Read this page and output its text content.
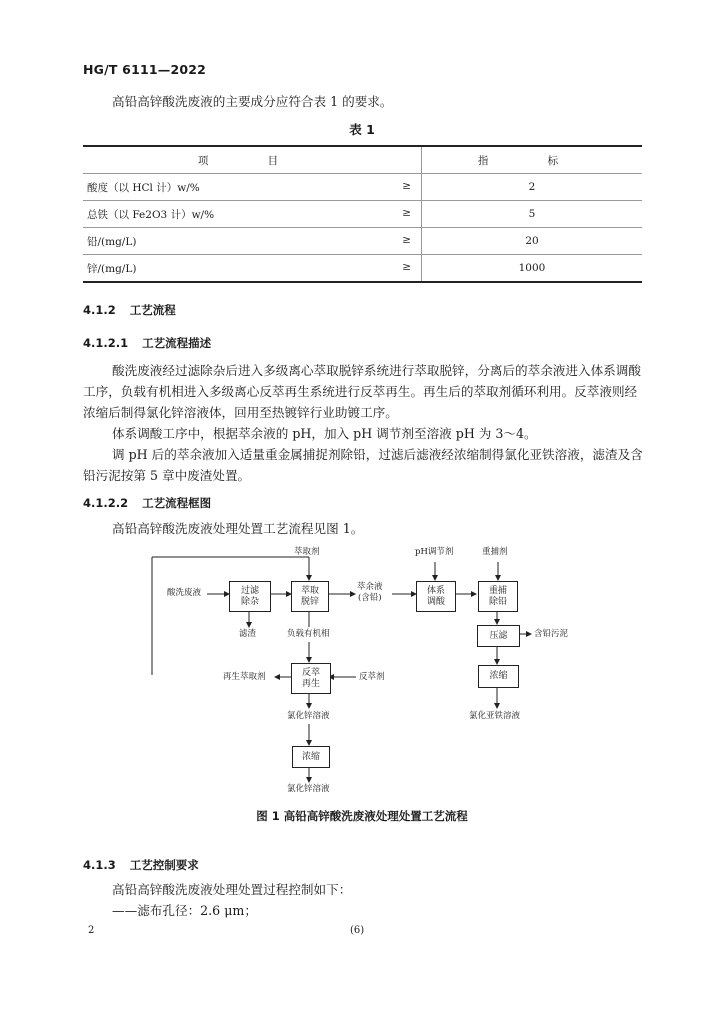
HG/T 6111—2022
高铅高锌酸洗废液的主要成分应符合表 1 的要求。
表 1
项 目	指 标
酸度（以 HCl 计）w/% ≥	2
总铁（以 Fe2O3 计）w/% ≥	5
铅/(mg/L) ≥	20
锌/(mg/L) ≥	1000
4.1.2 工艺流程
4.1.2.1 工艺流程描述
酸洗废液经过滤除杂后进入多级离心萃取脱锌系统进行萃取脱锌，分离后的萃余液进入体系调酸
工序，负载有机相进入多级离心反萃再生系统进行反萃再生。再生后的萃取剂循环利用。反萃液则经
浓缩后制得氯化锌溶液体，回用至热镀锌行业助镀工序。
体系调酸工序中，根据萃余液的 pH，加入 pH 调节剂至溶液 pH 为 3～4。
调 pH 后的萃余液加入适量重金属捕捉剂除铅，过滤后滤液经浓缩制得氯化亚铁溶液，滤渣及含
铅污泥按第 5 章中废渣处置。
4.1.2.2 工艺流程框图
高铅高锌酸洗废液处理处置工艺流程见图 1。
过滤
除杂
萃取
脱锌
体系
调酸
重捕
除铅
压滤
浓缩
反萃
再生
浓缩
酸洗废液
萃取剂	pH调节剂	重捕剂
萃余液
(含铅)
滤渣	负载有机相	含铅污泥
再生萃取剂	反萃剂
氯化锌溶液
氯化锌溶液
氯化亚铁溶液
图 1 高铅高锌酸洗废液处理处置工艺流程
4.1.3 工艺控制要求
高铅高锌酸洗废液处理处置过程控制如下：
——滤布孔径：2.6 μm；
2	(6)
